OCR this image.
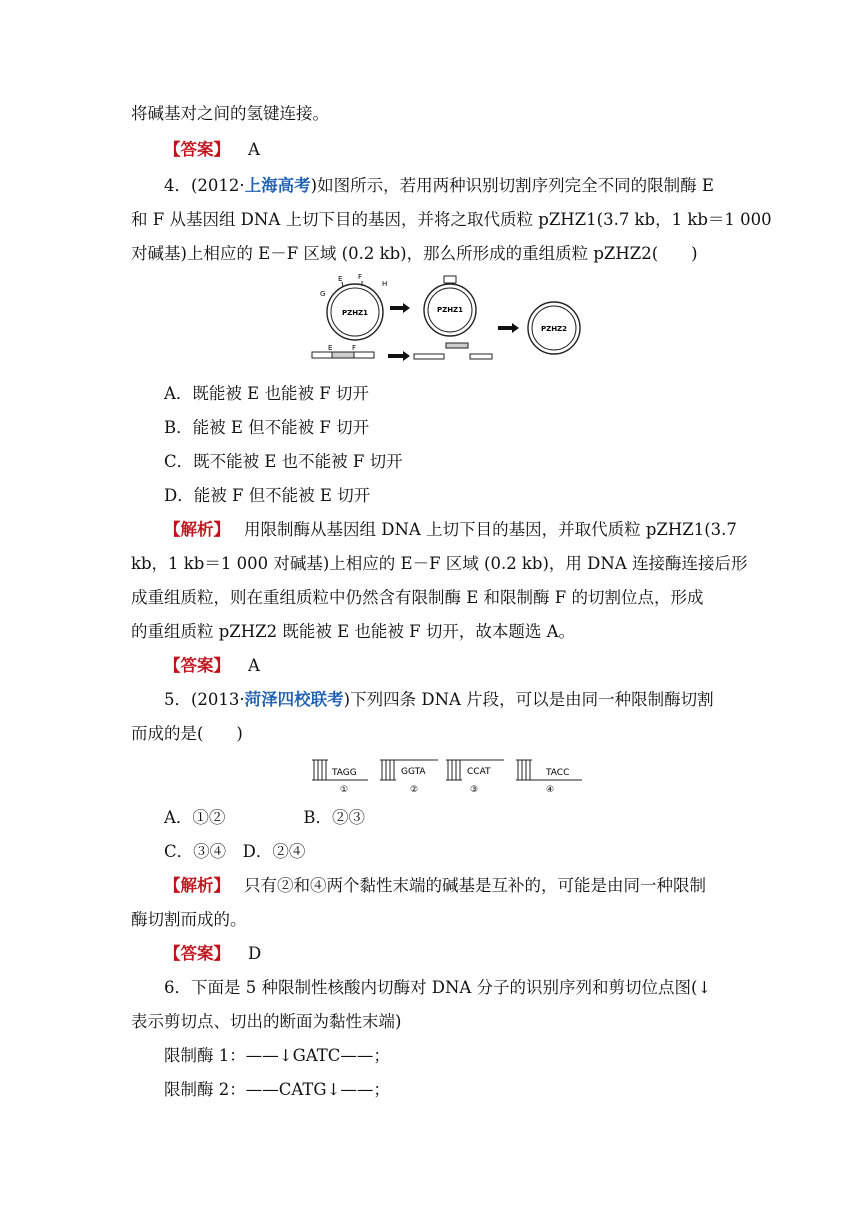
将碱基对之间的氢键连接。
【答案】 A
4．(2012·上海高考)如图所示，若用两种识别切割序列完全不同的限制酶 E
和 F 从基因组 DNA 上切下目的基因，并将之取代质粒 pZHZ1(3.7 kb，1 kb＝1 000
对碱基)上相应的 E－F 区域 (0.2 kb)，那么所形成的重组质粒 pZHZ2(　　)
PZHZ1
G
E F
H
PZHZ1
PZHZ2
E	F
A．既能被 E 也能被 F 切开
B．能被 E 但不能被 F 切开
C．既不能被 E 也不能被 F 切开
D．能被 F 但不能被 E 切开
【解析】 用限制酶从基因组 DNA 上切下目的基因，并取代质粒 pZHZ1(3.7
kb，1 kb＝1 000 对碱基)上相应的 E－F 区域 (0.2 kb)，用 DNA 连接酶连接后形
成重组质粒，则在重组质粒中仍然含有限制酶 E 和限制酶 F 的切割位点，形成
的重组质粒 pZHZ2 既能被 E 也能被 F 切开，故本题选 A。
【答案】 A
5．(2013·菏泽四校联考)下列四条 DNA 片段，可以是由同一种限制酶切割
而成的是(　　)
TAGG
①
GGTA
②
CCAT
③
TACC
④
A．①②	B．②③
C．③④　D．②④
【解析】 只有②和④两个黏性末端的碱基是互补的，可能是由同一种限制
酶切割而成的。
【答案】 D
6．下面是 5 种限制性核酸内切酶对 DNA 分子的识别序列和剪切位点图(↓
表示剪切点、切出的断面为黏性末端)
限制酶 1：——↓GATC——；
限制酶 2：——CATG↓——；
